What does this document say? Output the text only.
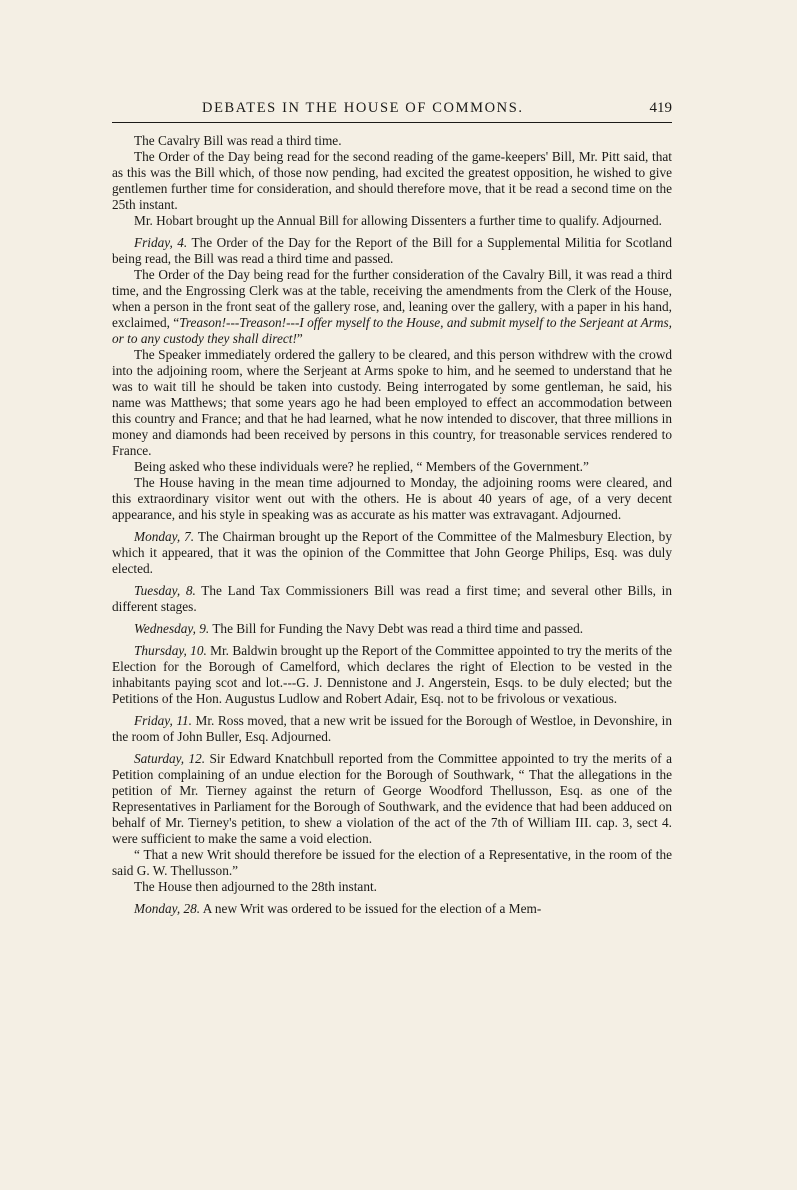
DEBATES IN THE HOUSE OF COMMONS.	419

The Cavalry Bill was read a third time.

The Order of the Day being read for the second reading of the game-keepers' Bill, Mr. Pitt said, that as this was the Bill which, of those now pending, had excited the greatest opposition, he wished to give gentlemen further time for consideration, and should therefore move, that it be read a second time on the 25th instant.

Mr. Hobart brought up the Annual Bill for allowing Dissenters a further time to qualify. Adjourned.

Friday, 4. The Order of the Day for the Report of the Bill for a Supplemental Militia for Scotland being read, the Bill was read a third time and passed.

The Order of the Day being read for the further consideration of the Cavalry Bill, it was read a third time, and the Engrossing Clerk was at the table, receiving the amendments from the Clerk of the House, when a person in the front seat of the gallery rose, and, leaning over the gallery, with a paper in his hand, exclaimed, “Treason!---Treason!---I offer myself to the House, and submit myself to the Serjeant at Arms, or to any custody they shall direct!”

The Speaker immediately ordered the gallery to be cleared, and this person withdrew with the crowd into the adjoining room, where the Serjeant at Arms spoke to him, and he seemed to understand that he was to wait till he should be taken into custody. Being interrogated by some gentleman, he said, his name was Matthews; that some years ago he had been employed to effect an accommodation between this country and France; and that he had learned, what he now intended to discover, that three millions in money and diamonds had been received by persons in this country, for treasonable services rendered to France.

Being asked who these individuals were? he replied, “ Members of the Government.”

The House having in the mean time adjourned to Monday, the adjoining rooms were cleared, and this extraordinary visitor went out with the others. He is about 40 years of age, of a very decent appearance, and his style in speaking was as accurate as his matter was extravagant. Adjourned.

Monday, 7. The Chairman brought up the Report of the Committee of the Malmesbury Election, by which it appeared, that it was the opinion of the Committee that John George Philips, Esq. was duly elected.

Tuesday, 8. The Land Tax Commissioners Bill was read a first time; and several other Bills, in different stages.

Wednesday, 9. The Bill for Funding the Navy Debt was read a third time and passed.

Thursday, 10. Mr. Baldwin brought up the Report of the Committee appointed to try the merits of the Election for the Borough of Camelford, which declares the right of Election to be vested in the inhabitants paying scot and lot.---G. J. Dennistone and J. Angerstein, Esqs. to be duly elected; but the Petitions of the Hon. Augustus Ludlow and Robert Adair, Esq. not to be frivolous or vexatious.

Friday, 11. Mr. Ross moved, that a new writ be issued for the Borough of Westloe, in Devonshire, in the room of John Buller, Esq. Adjourned.

Saturday, 12. Sir Edward Knatchbull reported from the Committee appointed to try the merits of a Petition complaining of an undue election for the Borough of Southwark, “ That the allegations in the petition of Mr. Tierney against the return of George Woodford Thellusson, Esq. as one of the Representatives in Parliament for the Borough of Southwark, and the evidence that had been adduced on behalf of Mr. Tierney's petition, to shew a violation of the act of the 7th of William III. cap. 3, sect 4. were sufficient to make the same a void election.

“ That a new Writ should therefore be issued for the election of a Representative, in the room of the said G. W. Thellusson.”

The House then adjourned to the 28th instant.

Monday, 28. A new Writ was ordered to be issued for the election of a Mem-
